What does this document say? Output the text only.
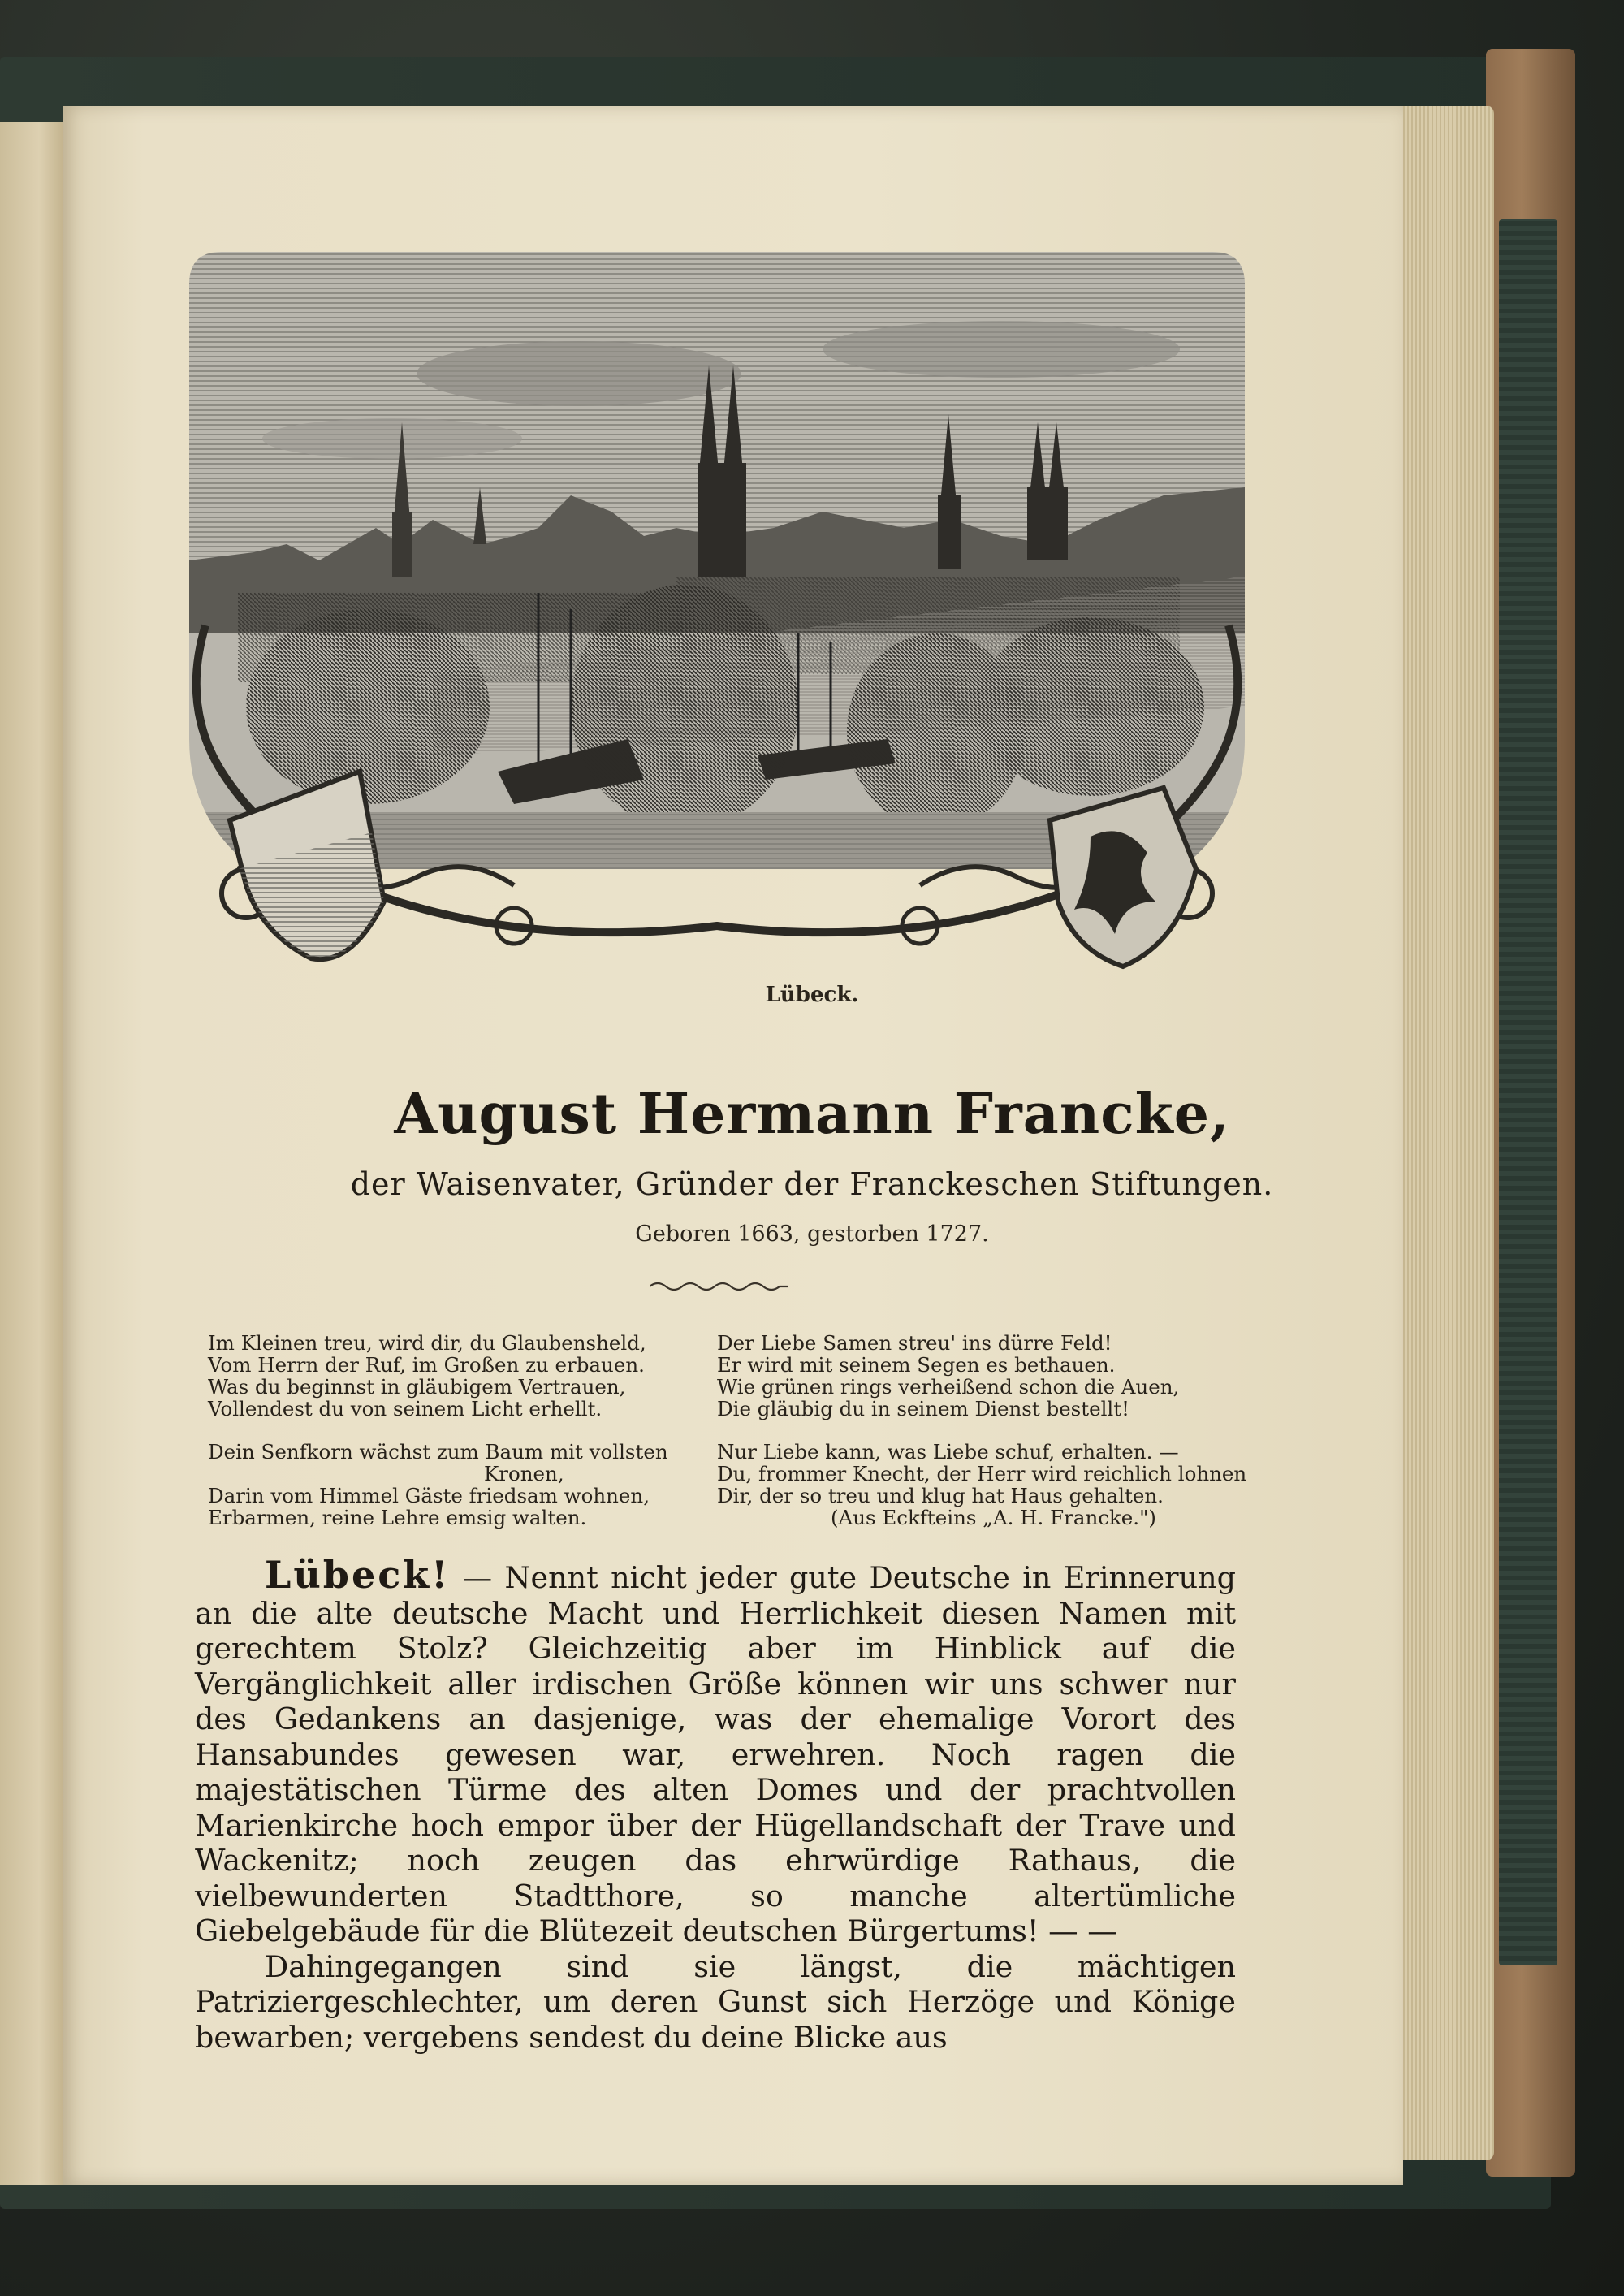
Lübeck.
August Hermann Francke,
der Waisenvater, Gründer der Franckeschen Stiftungen.
Geboren 1663, gestorben 1727.
Im Kleinen treu, wird dir, du Glaubensheld,
Vom Herrn der Ruf, im Großen zu erbauen.
Was du beginnst in gläubigem Vertrauen,
Vollendest du von seinem Licht erhellt.
Dein Senfkorn wächst zum Baum mit vollsten
Kronen,
Darin vom Himmel Gäste friedsam wohnen,
Erbarmen, reine Lehre emsig walten.
Der Liebe Samen streu' ins dürre Feld!
Er wird mit seinem Segen es bethauen.
Wie grünen rings verheißend schon die Auen,
Die gläubig du in seinem Dienst bestellt!
Nur Liebe kann, was Liebe schuf, erhalten. —
Du, frommer Knecht, der Herr wird reichlich lohnen
Dir, der so treu und klug hat Haus gehalten.
(Aus Eckfteins „A. H. Francke.")

Lübeck! — Nennt nicht jeder gute Deutsche in Erinnerung an die alte deutsche Macht und Herrlichkeit diesen Namen mit gerechtem Stolz? Gleichzeitig aber im Hinblick auf die Vergänglichkeit aller irdischen Größe können wir uns schwer nur des Gedankens an dasjenige, was der ehemalige Vorort des Hansabundes gewesen war, erwehren. Noch ragen die majestätischen Türme des alten Domes und der prachtvollen Marienkirche hoch empor über der Hügellandschaft der Trave und Wackenitz; noch zeugen das ehrwürdige Rathaus, die vielbewunderten Stadtthore, so manche altertümliche Giebelgebäude für die Blütezeit deutschen Bürgertums! — —

Dahingegangen sind sie längst, die mächtigen Patriziergeschlechter, um deren Gunst sich Herzöge und Könige bewarben; vergebens sendest du deine Blicke aus
